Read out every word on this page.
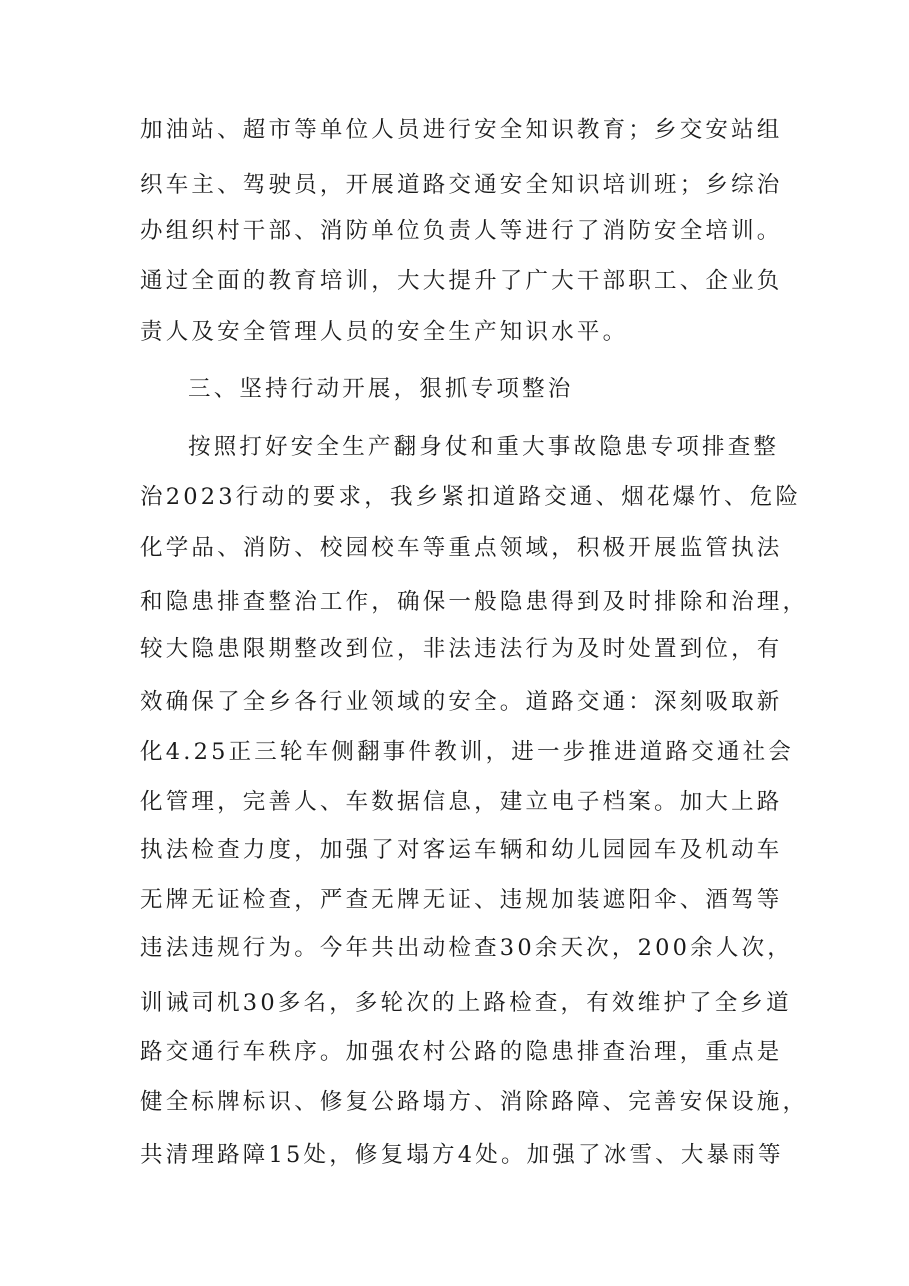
加油站、超市等单位人员进行安全知识教育；乡交安站组
织车主、驾驶员，开展道路交通安全知识培训班；乡综治
办组织村干部、消防单位负责人等进行了消防安全培训。
通过全面的教育培训，大大提升了广大干部职工、企业负
责人及安全管理人员的安全生产知识水平。
三、坚持行动开展，狠抓专项整治
按照打好安全生产翻身仗和重大事故隐患专项排查整
治2023行动的要求，我乡紧扣道路交通、烟花爆竹、危险
化学品、消防、校园校车等重点领域，积极开展监管执法
和隐患排查整治工作，确保一般隐患得到及时排除和治理，
较大隐患限期整改到位，非法违法行为及时处置到位，有
效确保了全乡各行业领域的安全。道路交通：深刻吸取新
化4.25正三轮车侧翻事件教训，进一步推进道路交通社会
化管理，完善人、车数据信息，建立电子档案。加大上路
执法检查力度，加强了对客运车辆和幼儿园园车及机动车
无牌无证检查，严查无牌无证、违规加装遮阳伞、酒驾等
违法违规行为。今年共出动检查30余天次，200余人次，
训诫司机30多名，多轮次的上路检查，有效维护了全乡道
路交通行车秩序。加强农村公路的隐患排查治理，重点是
健全标牌标识、修复公路塌方、消除路障、完善安保设施，
共清理路障15处，修复塌方4处。加强了冰雪、大暴雨等
